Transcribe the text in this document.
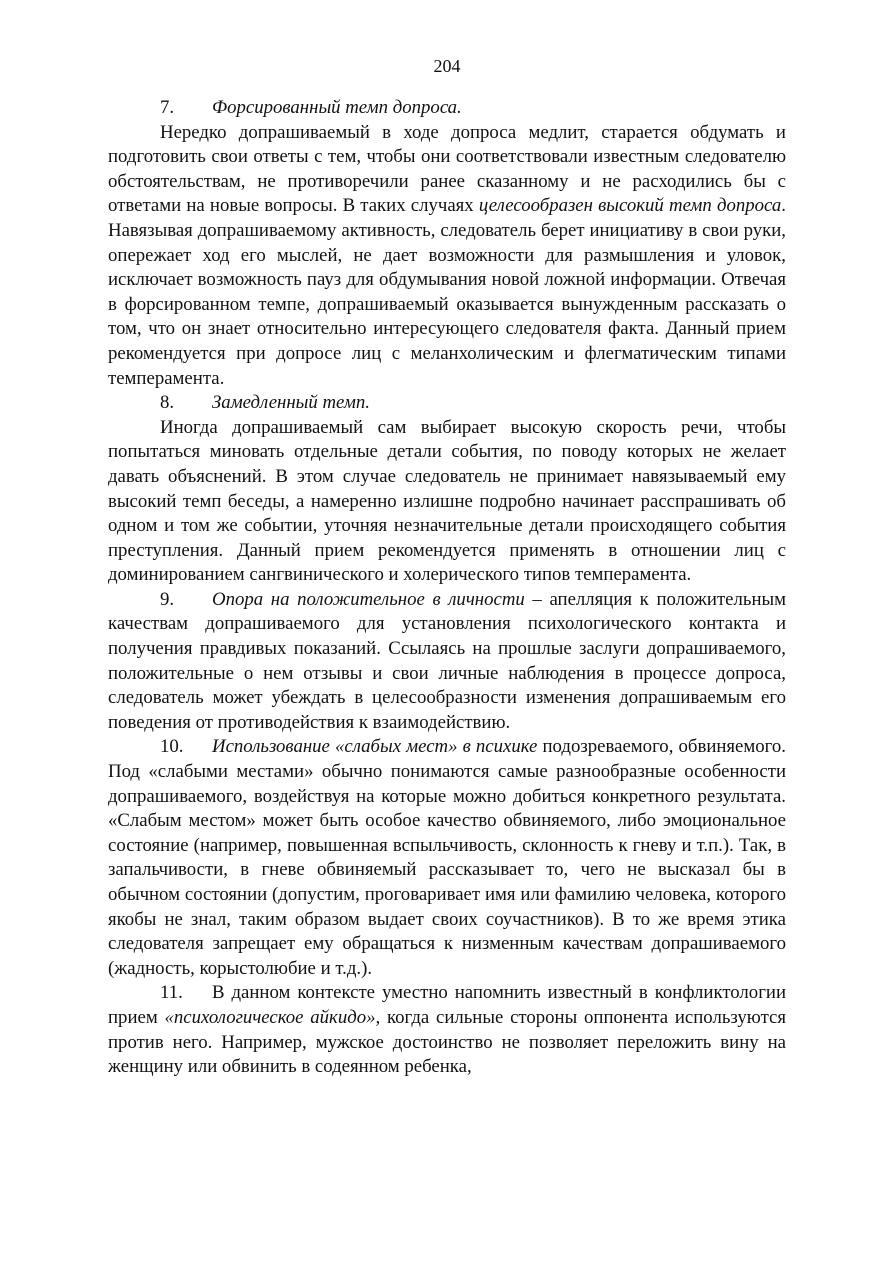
204

7. Форсированный темп допроса.

Нередко допрашиваемый в ходе допроса медлит, старается обдумать и подготовить свои ответы с тем, чтобы они соответствовали известным следователю обстоятельствам, не противоречили ранее сказанному и не расходились бы с ответами на новые вопросы. В таких случаях целесообразен высокий темп допроса. Навязывая допрашиваемому активность, следователь берет инициативу в свои руки, опережает ход его мыслей, не дает возможности для размышления и уловок, исключает возможность пауз для обдумывания новой ложной информации. Отвечая в форсированном темпе, допрашиваемый оказывается вынужденным рассказать о том, что он знает относительно интересующего следователя факта. Данный прием рекомендуется при допросе лиц с меланхолическим и флегматическим типами темперамента.

8. Замедленный темп.

Иногда допрашиваемый сам выбирает высокую скорость речи, чтобы попытаться миновать отдельные детали события, по поводу которых не желает давать объяснений. В этом случае следователь не принимает навязываемый ему высокий темп беседы, а намеренно излишне подробно начинает расспрашивать об одном и том же событии, уточняя незначительные детали происходящего события преступления. Данный прием рекомендуется применять в отношении лиц с доминированием сангвинического и холерического типов темперамента.

9. Опора на положительное в личности – апелляция к положительным качествам допрашиваемого для установления психологического контакта и получения правдивых показаний. Ссылаясь на прошлые заслуги допрашиваемого, положительные о нем отзывы и свои личные наблюдения в процессе допроса, следователь может убеждать в целесообразности изменения допрашиваемым его поведения от противодействия к взаимодействию.

10. Использование «слабых мест» в психике подозреваемого, обвиняемого. Под «слабыми местами» обычно понимаются самые разнообразные особенности допрашиваемого, воздействуя на которые можно добиться конкретного результата. «Слабым местом» может быть особое качество обвиняемого, либо эмоциональное состояние (например, повышенная вспыльчивость, склонность к гневу и т.п.). Так, в запальчивости, в гневе обвиняемый рассказывает то, чего не высказал бы в обычном состоянии (допустим, проговаривает имя или фамилию человека, которого якобы не знал, таким образом выдает своих соучастников). В то же время этика следователя запрещает ему обращаться к низменным качествам допрашиваемого (жадность, корыстолюбие и т.д.).

11. В данном контексте уместно напомнить известный в конфликтологии прием «психологическое айкидо», когда сильные стороны оппонента используются против него. Например, мужское достоинство не позволяет переложить вину на женщину или обвинить в содеянном ребенка,
